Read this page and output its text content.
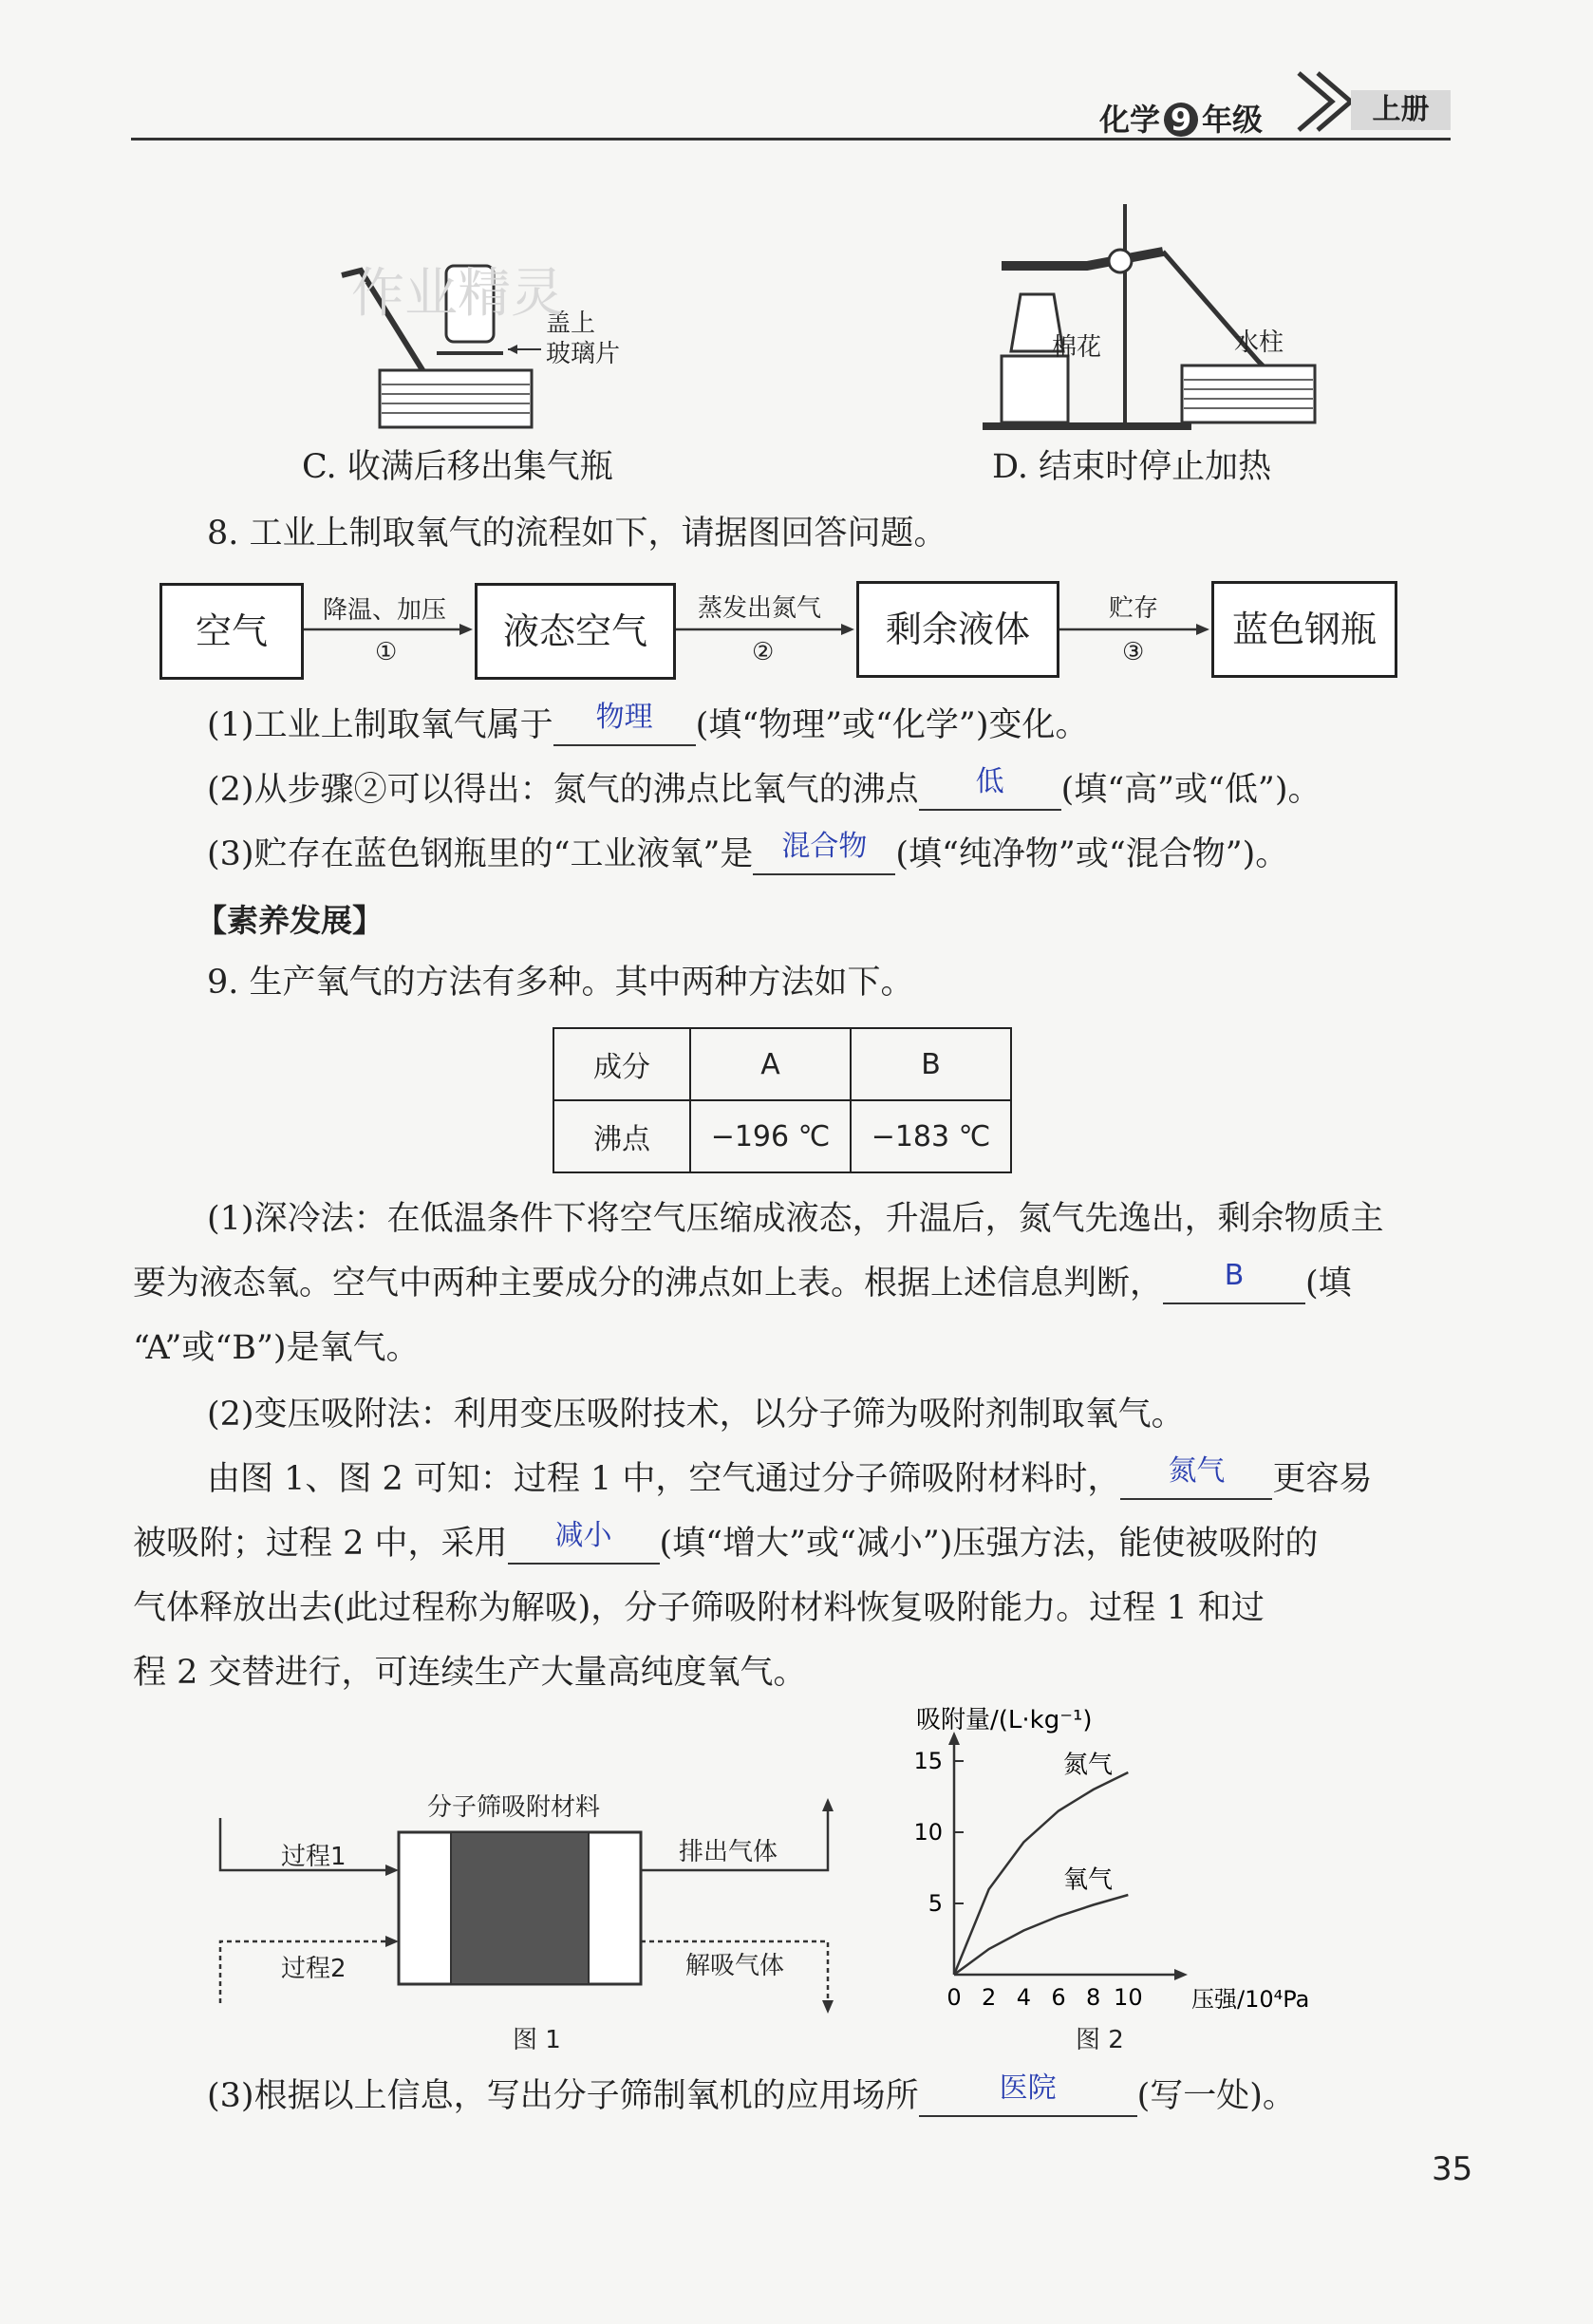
化学 9 年级	上册
盖上
玻璃片
作业精灵
C. 收满后移出集气瓶
棉花	水柱
D. 结束时停止加热
8. 工业上制取氧气的流程如下，请据图回答问题。
空气	液态空气	剩余液体	蓝色钢瓶
降温、加压
①
蒸发出氮气
②
贮存
③
(1)工业上制取氧气属于	物理	(填“物理”或“化学”)变化。
(2)从步骤②可以得出：氮气的沸点比氧气的沸点	低	(填“高”或“低”)。
(3)贮存在蓝色钢瓶里的“工业液氧”是	混合物 (填“纯净物”或“混合物”)。
【素养发展】
9. 生产氧气的方法有多种。其中两种方法如下。
成分	A	B
沸点	−196 ℃	−183 ℃
(1)深冷法：在低温条件下将空气压缩成液态，升温后，氮气先逸出，剩余物质主
要为液态氧。空气中两种主要成分的沸点如上表。根据上述信息判断，	B	(填
“A”或“B”)是氧气。
(2)变压吸附法：利用变压吸附技术，以分子筛为吸附剂制取氧气。
由图 1、图 2 可知：过程 1 中，空气通过分子筛吸附材料时，	氮气	更容易
被吸附；过程 2 中，采用	减小	(填“增大”或“减小”)压强方法，能使被吸附的
气体释放出去(此过程称为解吸)，分子筛吸附材料恢复吸附能力。过程 1 和过
程 2 交替进行，可连续生产大量高纯度氧气。
分子筛吸附材料
过程1
过程2
排出气体
解吸气体
图 1
0 2 4 6 8 10
5
10
15
吸附量/(L·kg⁻¹)
压强/10⁴Pa
氮气
氧气
图 2
(3)根据以上信息，写出分子筛制氧机的应用场所	医院	(写一处)。
35
